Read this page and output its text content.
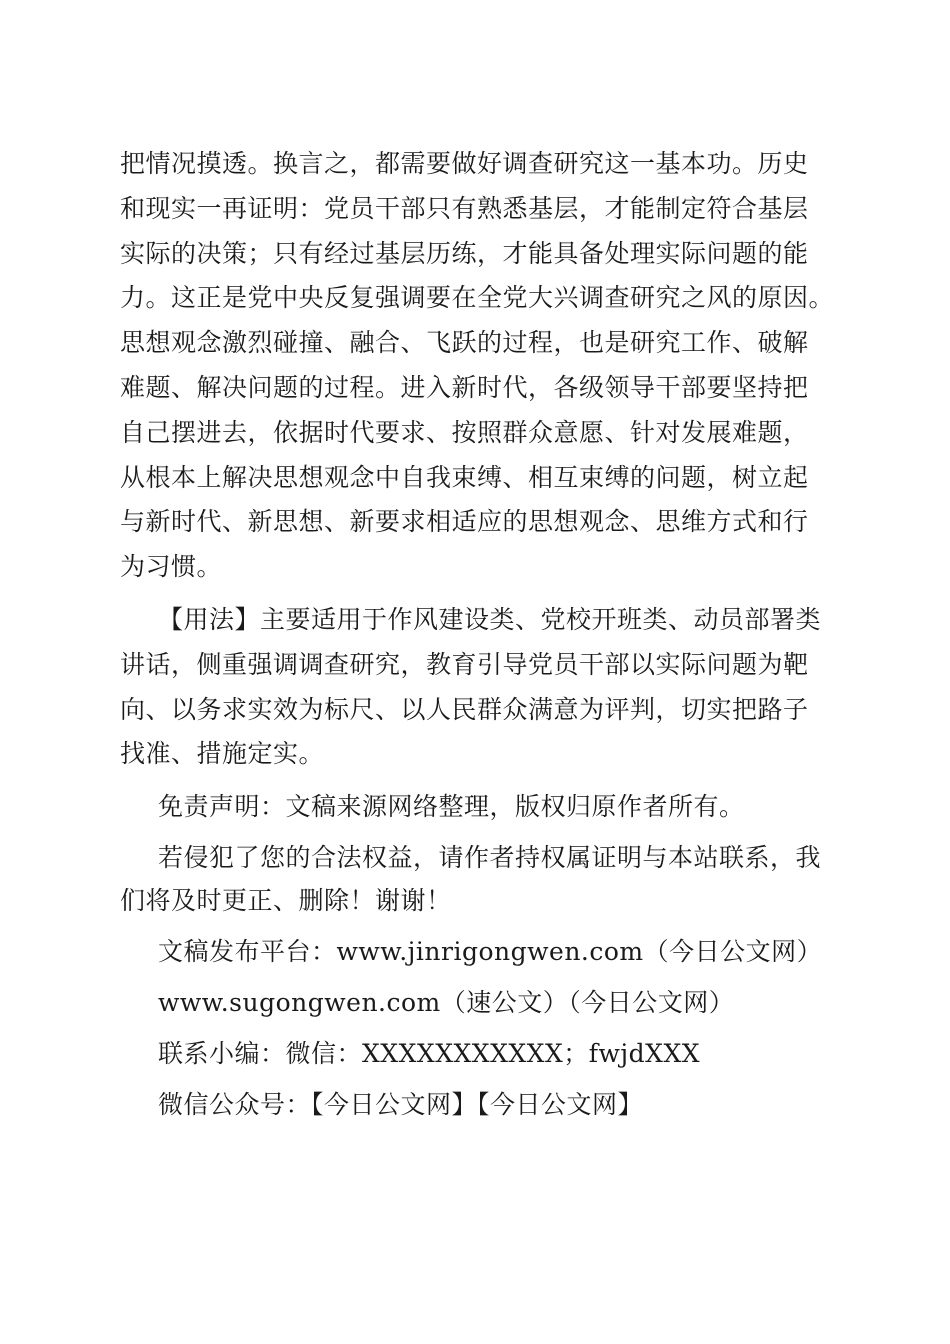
把情况摸透。换言之，都需要做好调查研究这一基本功。历史
和现实一再证明：党员干部只有熟悉基层，才能制定符合基层
实际的决策；只有经过基层历练，才能具备处理实际问题的能
力。这正是党中央反复强调要在全党大兴调查研究之风的原因。
思想观念激烈碰撞、融合、飞跃的过程，也是研究工作、破解
难题、解决问题的过程。进入新时代，各级领导干部要坚持把
自己摆进去，依据时代要求、按照群众意愿、针对发展难题，
从根本上解决思想观念中自我束缚、相互束缚的问题，树立起
与新时代、新思想、新要求相适应的思想观念、思维方式和行
为习惯。
【用法】主要适用于作风建设类、党校开班类、动员部署类
讲话，侧重强调调查研究，教育引导党员干部以实际问题为靶
向、以务求实效为标尺、以人民群众满意为评判，切实把路子
找准、措施定实。
免责声明：文稿来源网络整理，版权归原作者所有。
若侵犯了您的合法权益，请作者持权属证明与本站联系，我
们将及时更正、删除！谢谢！
文稿发布平台：www.jinrigongwen.com（今日公文网）
www.sugongwen.com（速公文）（今日公文网）
联系小编：微信：XXXXXXXXXXX；fwjdXXX
微信公众号：【今日公文网】【今日公文网】
